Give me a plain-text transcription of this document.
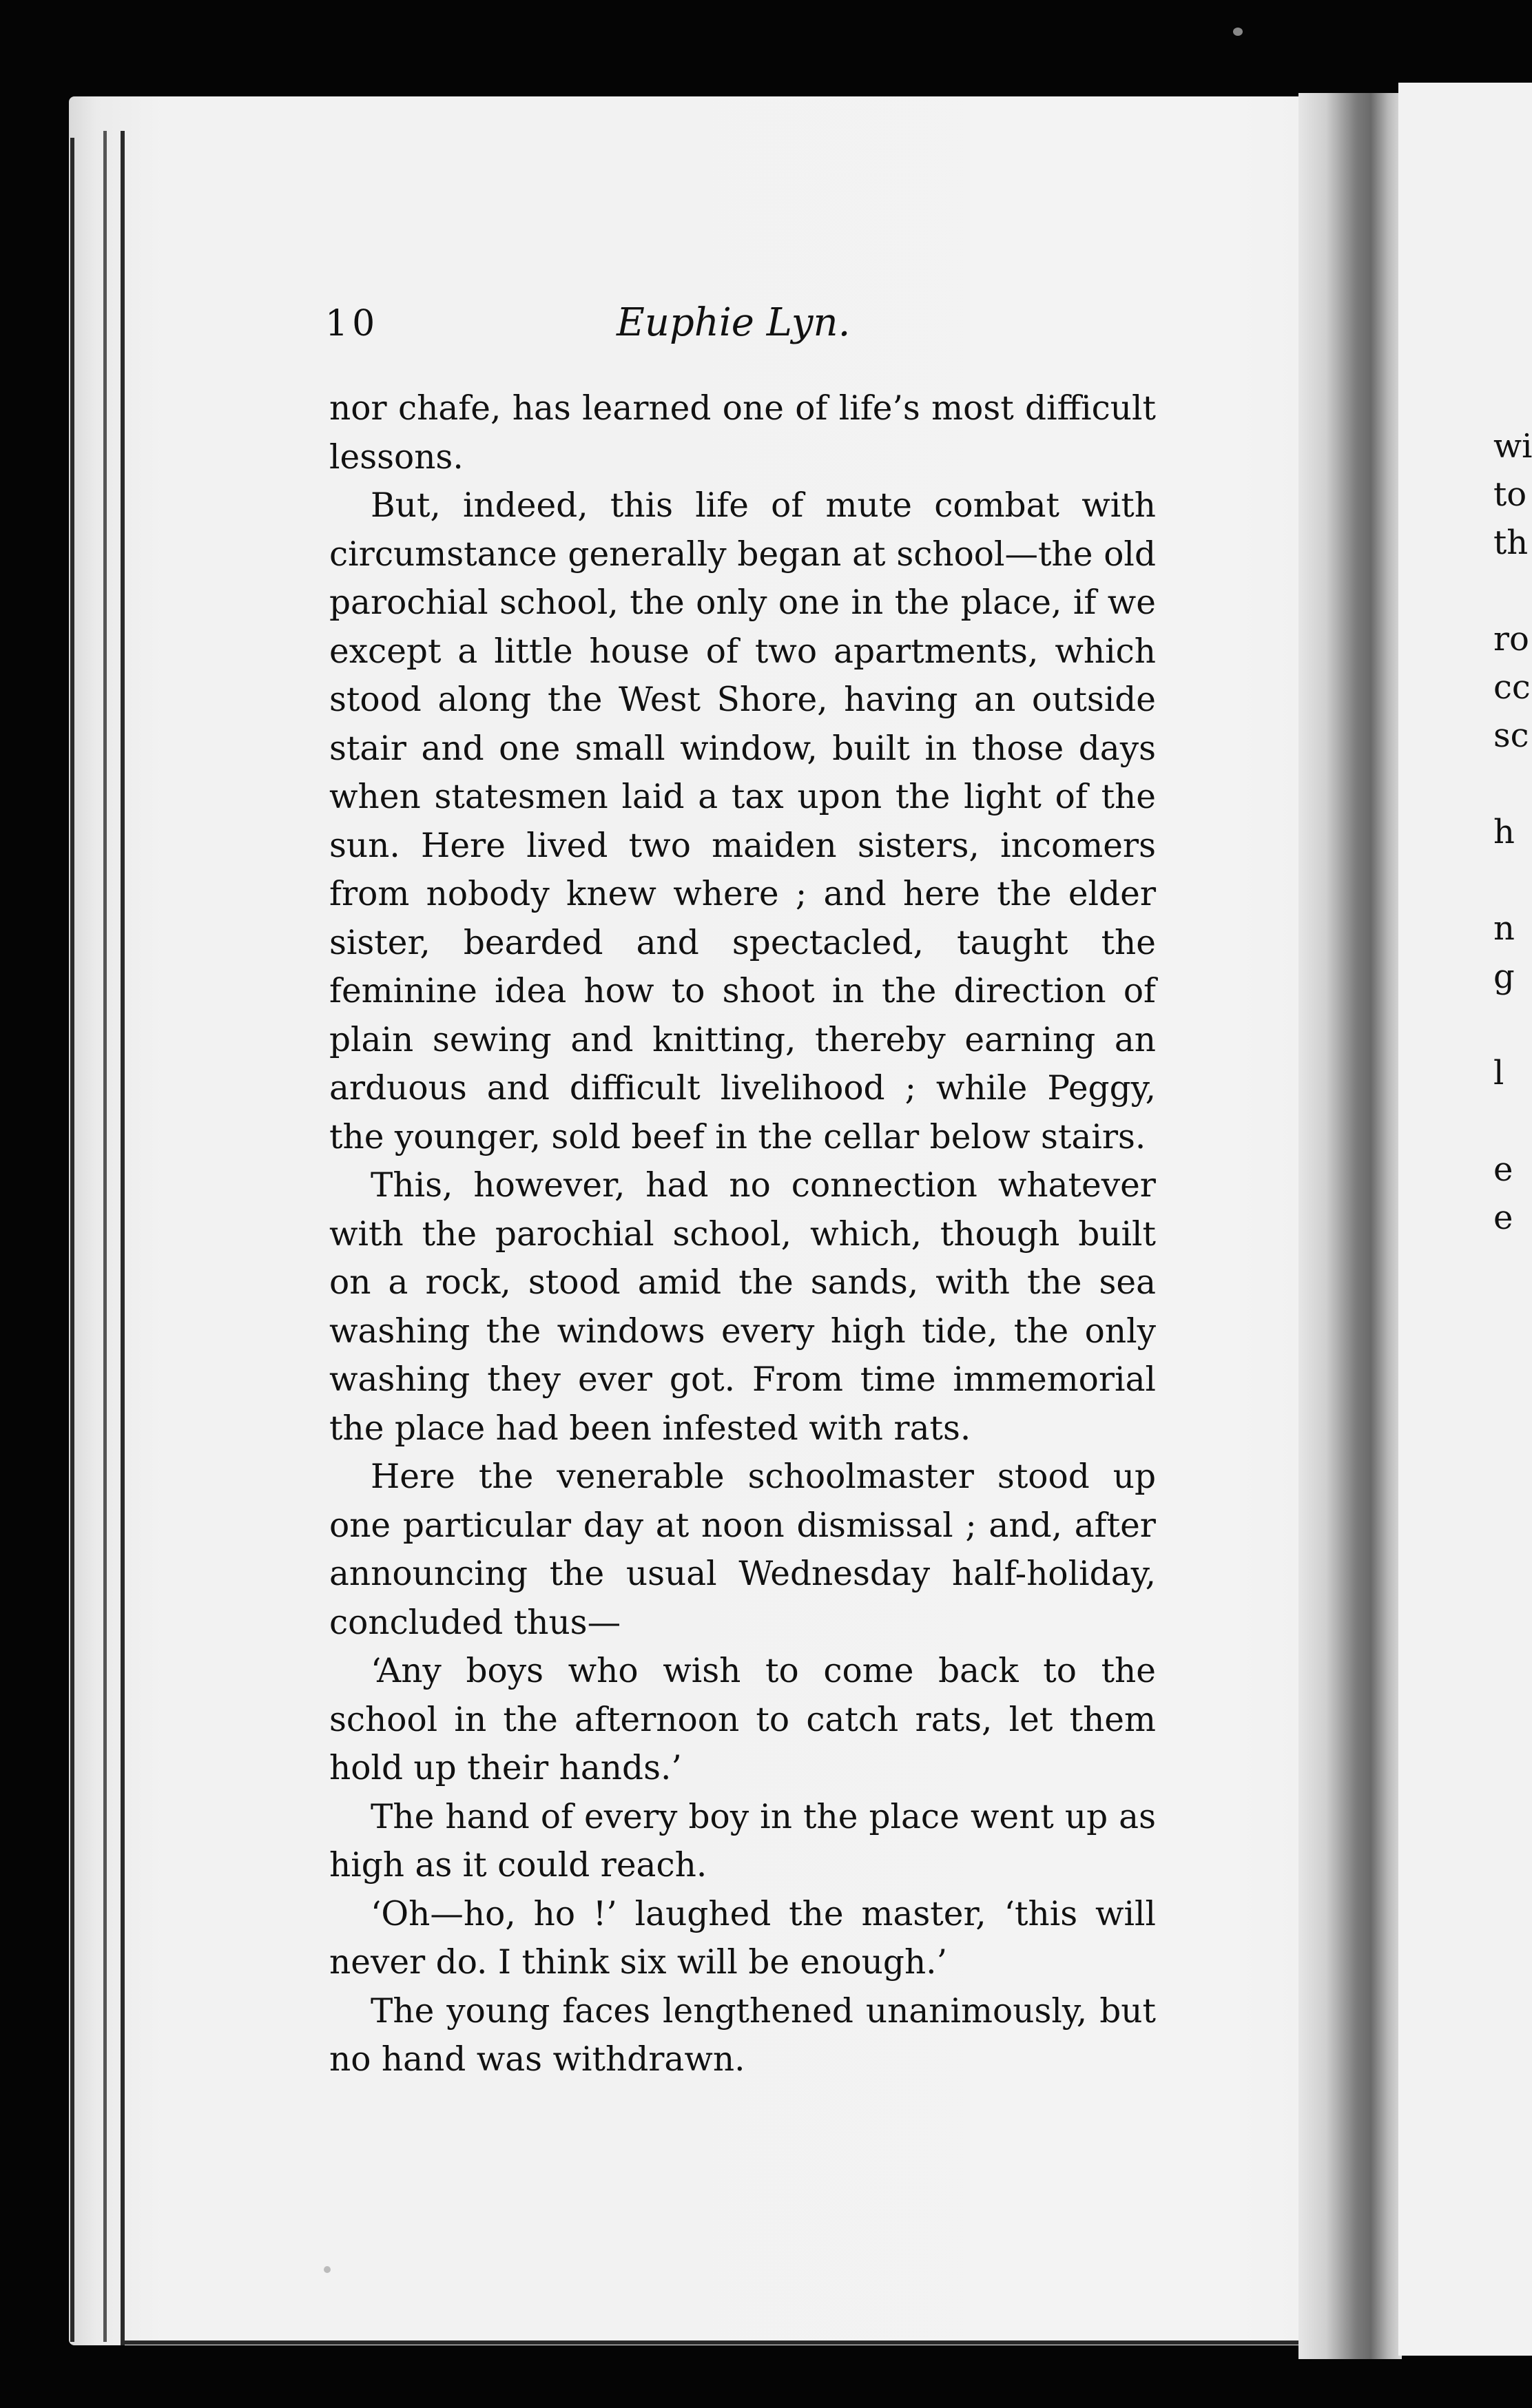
10	Euphie Lyn.

nor chafe, has learned one of life’s most difficult lessons.

But, indeed, this life of mute combat with circumstance generally began at school—the old parochial school, the only one in the place, if we except a little house of two apartments, which stood along the West Shore, having an outside stair and one small window, built in those days when statesmen laid a tax upon the light of the sun. Here lived two maiden sisters, incomers from nobody knew where ; and here the elder sister, bearded and spectacled, taught the feminine idea how to shoot in the direction of plain sewing and knitting, thereby earning an arduous and difficult livelihood ; while Peggy, the younger, sold beef in the cellar below stairs.

This, however, had no connection whatever with the parochial school, which, though built on a rock, stood amid the sands, with the sea washing the windows every high tide, the only washing they ever got. From time immemorial the place had been infested with rats.

Here the venerable schoolmaster stood up one particular day at noon dismissal ; and, after announcing the usual Wednesday half-holiday, concluded thus—

‘Any boys who wish to come back to the school in the afternoon to catch rats, let them hold up their hands.’

The hand of every boy in the place went up as high as it could reach.

‘Oh—ho, ho !’ laughed the master, ‘this will never do. I think six will be enough.’

The young faces lengthened unanimously, but no hand was withdrawn.

wi
to
th
ro
cc
sc
h
n
g
l
e
e
